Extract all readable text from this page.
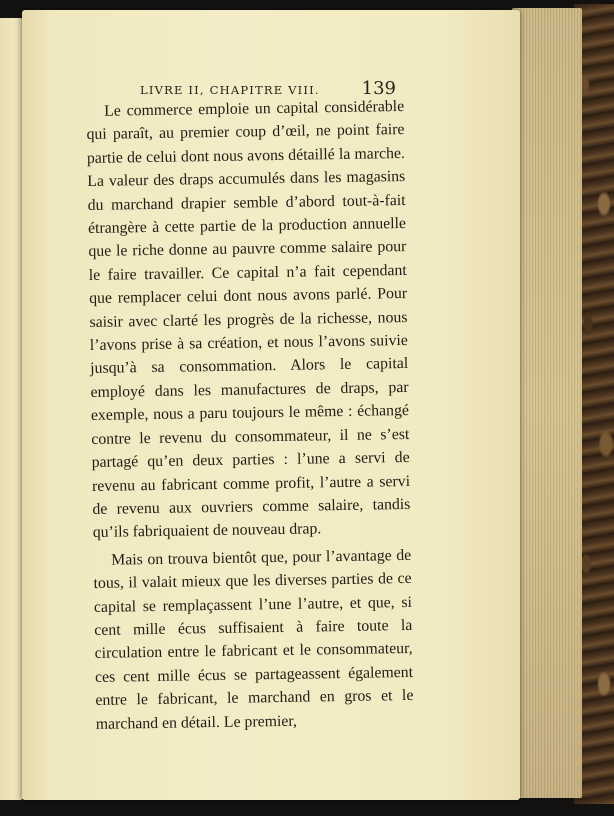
LIVRE II, CHAPITRE VIII. 139

Le commerce emploie un capital considérable qui paraît, au premier coup d’œil, ne point faire partie de celui dont nous avons détaillé la marche. La valeur des draps accumulés dans les magasins du marchand drapier semble d’abord tout-à-fait étrangère à cette partie de la production annuelle que le riche donne au pauvre comme salaire pour le faire travailler. Ce capital n’a fait cependant que remplacer celui dont nous avons parlé. Pour saisir avec clarté les progrès de la richesse, nous l’avons prise à sa création, et nous l’avons suivie jusqu’à sa consommation. Alors le capital employé dans les manufactures de draps, par exemple, nous a paru toujours le même : échangé contre le revenu du consommateur, il ne s’est partagé qu’en deux parties : l’une a servi de revenu au fabricant comme profit, l’autre a servi de revenu aux ouvriers comme salaire, tandis qu’ils fabriquaient de nouveau drap.

Mais on trouva bientôt que, pour l’avantage de tous, il valait mieux que les diverses parties de ce capital se remplaçassent l’une l’autre, et que, si cent mille écus suffisaient à faire toute la circulation entre le fabricant et le consommateur, ces cent mille écus se partageassent également entre le fabricant, le marchand en gros et le marchand en détail. Le premier,
